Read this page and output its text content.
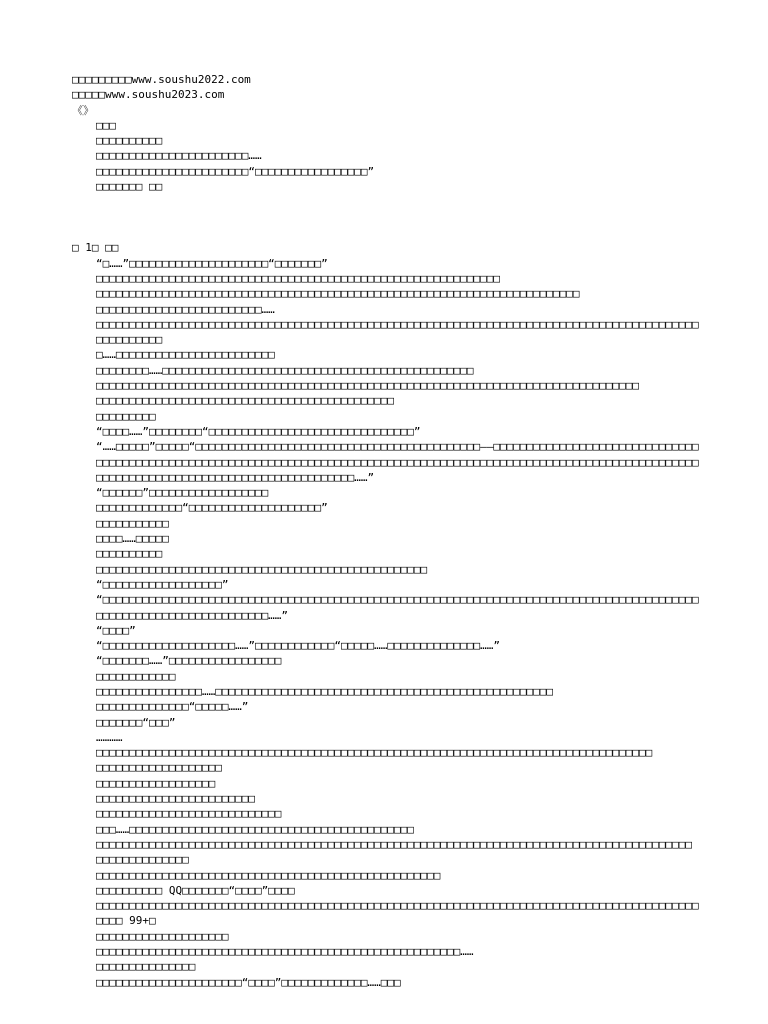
□□□□□□□□□www.soushu2022.com

□□□□□www.soushu2023.com

《》

□□□

□□□□□□□□□□

□□□□□□□□□□□□□□□□□□□□□□□……

□□□□□□□□□□□□□□□□□□□□□□□“□□□□□□□□□□□□□□□□□”

□□□□□□□ □□

□ 1□ □□

“□……”□□□□□□□□□□□□□□□□□□□□□“□□□□□□□”

□□□□□□□□□□□□□□□□□□□□□□□□□□□□□□□□□□□□□□□□□□□□□□□□□□□□□□□□□□□□□

□□□□□□□□□□□□□□□□□□□□□□□□□□□□□□□□□□□□□□□□□□□□□□□□□□□□□□□□□□□□□□□□□□□□□□□□□

□□□□□□□□□□□□□□□□□□□□□□□□□……

□□□□□□□□□□□□□□□□□□□□□□□□□□□□□□□□□□□□□□□□□□□□□□□□□□□□□□□□□□□□□□□□□□□□□□□□□□□□□□□□□□□□□□□□□□□□□□□□□□□□□

□……□□□□□□□□□□□□□□□□□□□□□□□□

□□□□□□□□……□□□□□□□□□□□□□□□□□□□□□□□□□□□□□□□□□□□□□□□□□□□□□□□

□□□□□□□□□□□□□□□□□□□□□□□□□□□□□□□□□□□□□□□□□□□□□□□□□□□□□□□□□□□□□□□□□□□□□□□□□□□□□□□□□□

□□□□□□□□□□□□□□□□□□□□□□□□□□□□□□□□□□□□□□□□□□□□□

□□□□□□□□□

“□□□□……”□□□□□□□□“□□□□□□□□□□□□□□□□□□□□□□□□□□□□□□□”

“……□□□□□”□□□□□“□□□□□□□□□□□□□□□□□□□□□□□□□□□□□□□□□□□□□□□□□□□——□□□□□□□□□□□□□□□□□□□□□□□□□□□□□□□□□□□□□□□□□□□□□□□□□□□□□□□□□□□□□□□□□□□□□□□□□□□□□□□□□□□□□□□□□□□□□□□□□□□□□□□□□□□□□□□□□□□□□□□□□□□□□□□□□□□□□□□□□□□□□□□□□□□□□□□□□□□□□□□□□……”

“□□□□□□”□□□□□□□□□□□□□□□□□□

□□□□□□□□□□□□□“□□□□□□□□□□□□□□□□□□□□”

□□□□□□□□□□□

□□□□……□□□□□

□□□□□□□□□□

□□□□□□□□□□□□□□□□□□□□□□□□□□□□□□□□□□□□□□□□□□□□□□□□□□

“□□□□□□□□□□□□□□□□□□”

“□□□□□□□□□□□□□□□□□□□□□□□□□□□□□□□□□□□□□□□□□□□□□□□□□□□□□□□□□□□□□□□□□□□□□□□□□□□□□□□□□□□□□□□□□□□□□□□□□□□□□□□□□□□□□□□□□□□□……”

“□□□□”

“□□□□□□□□□□□□□□□□□□□□……”□□□□□□□□□□□□“□□□□□……□□□□□□□□□□□□□□……”

“□□□□□□□……”□□□□□□□□□□□□□□□□□

□□□□□□□□□□□□

□□□□□□□□□□□□□□□□……□□□□□□□□□□□□□□□□□□□□□□□□□□□□□□□□□□□□□□□□□□□□□□□□□□□

□□□□□□□□□□□□□□“□□□□□……”

□□□□□□□“□□□”

…………

□□□□□□□□□□□□□□□□□□□□□□□□□□□□□□□□□□□□□□□□□□□□□□□□□□□□□□□□□□□□□□□□□□□□□□□□□□□□□□□□□□□□

□□□□□□□□□□□□□□□□□□□

□□□□□□□□□□□□□□□□□□

□□□□□□□□□□□□□□□□□□□□□□□□

□□□□□□□□□□□□□□□□□□□□□□□□□□□□

□□□……□□□□□□□□□□□□□□□□□□□□□□□□□□□□□□□□□□□□□□□□□□□

□□□□□□□□□□□□□□□□□□□□□□□□□□□□□□□□□□□□□□□□□□□□□□□□□□□□□□□□□□□□□□□□□□□□□□□□□□□□□□□□□□□□□□□□□□

□□□□□□□□□□□□□□

□□□□□□□□□□□□□□□□□□□□□□□□□□□□□□□□□□□□□□□□□□□□□□□□□□□□

□□□□□□□□□□ QQ□□□□□□□“□□□□”□□□□

□□□□□□□□□□□□□□□□□□□□□□□□□□□□□□□□□□□□□□□□□□□□□□□□□□□□□□□□□□□□□□□□□□□□□□□□□□□□□□□□□□□□□□□□□□□□□□□ 99+□

□□□□□□□□□□□□□□□□□□□□

□□□□□□□□□□□□□□□□□□□□□□□□□□□□□□□□□□□□□□□□□□□□□□□□□□□□□□□……

□□□□□□□□□□□□□□□

□□□□□□□□□□□□□□□□□□□□□□“□□□□”□□□□□□□□□□□□□……□□□
